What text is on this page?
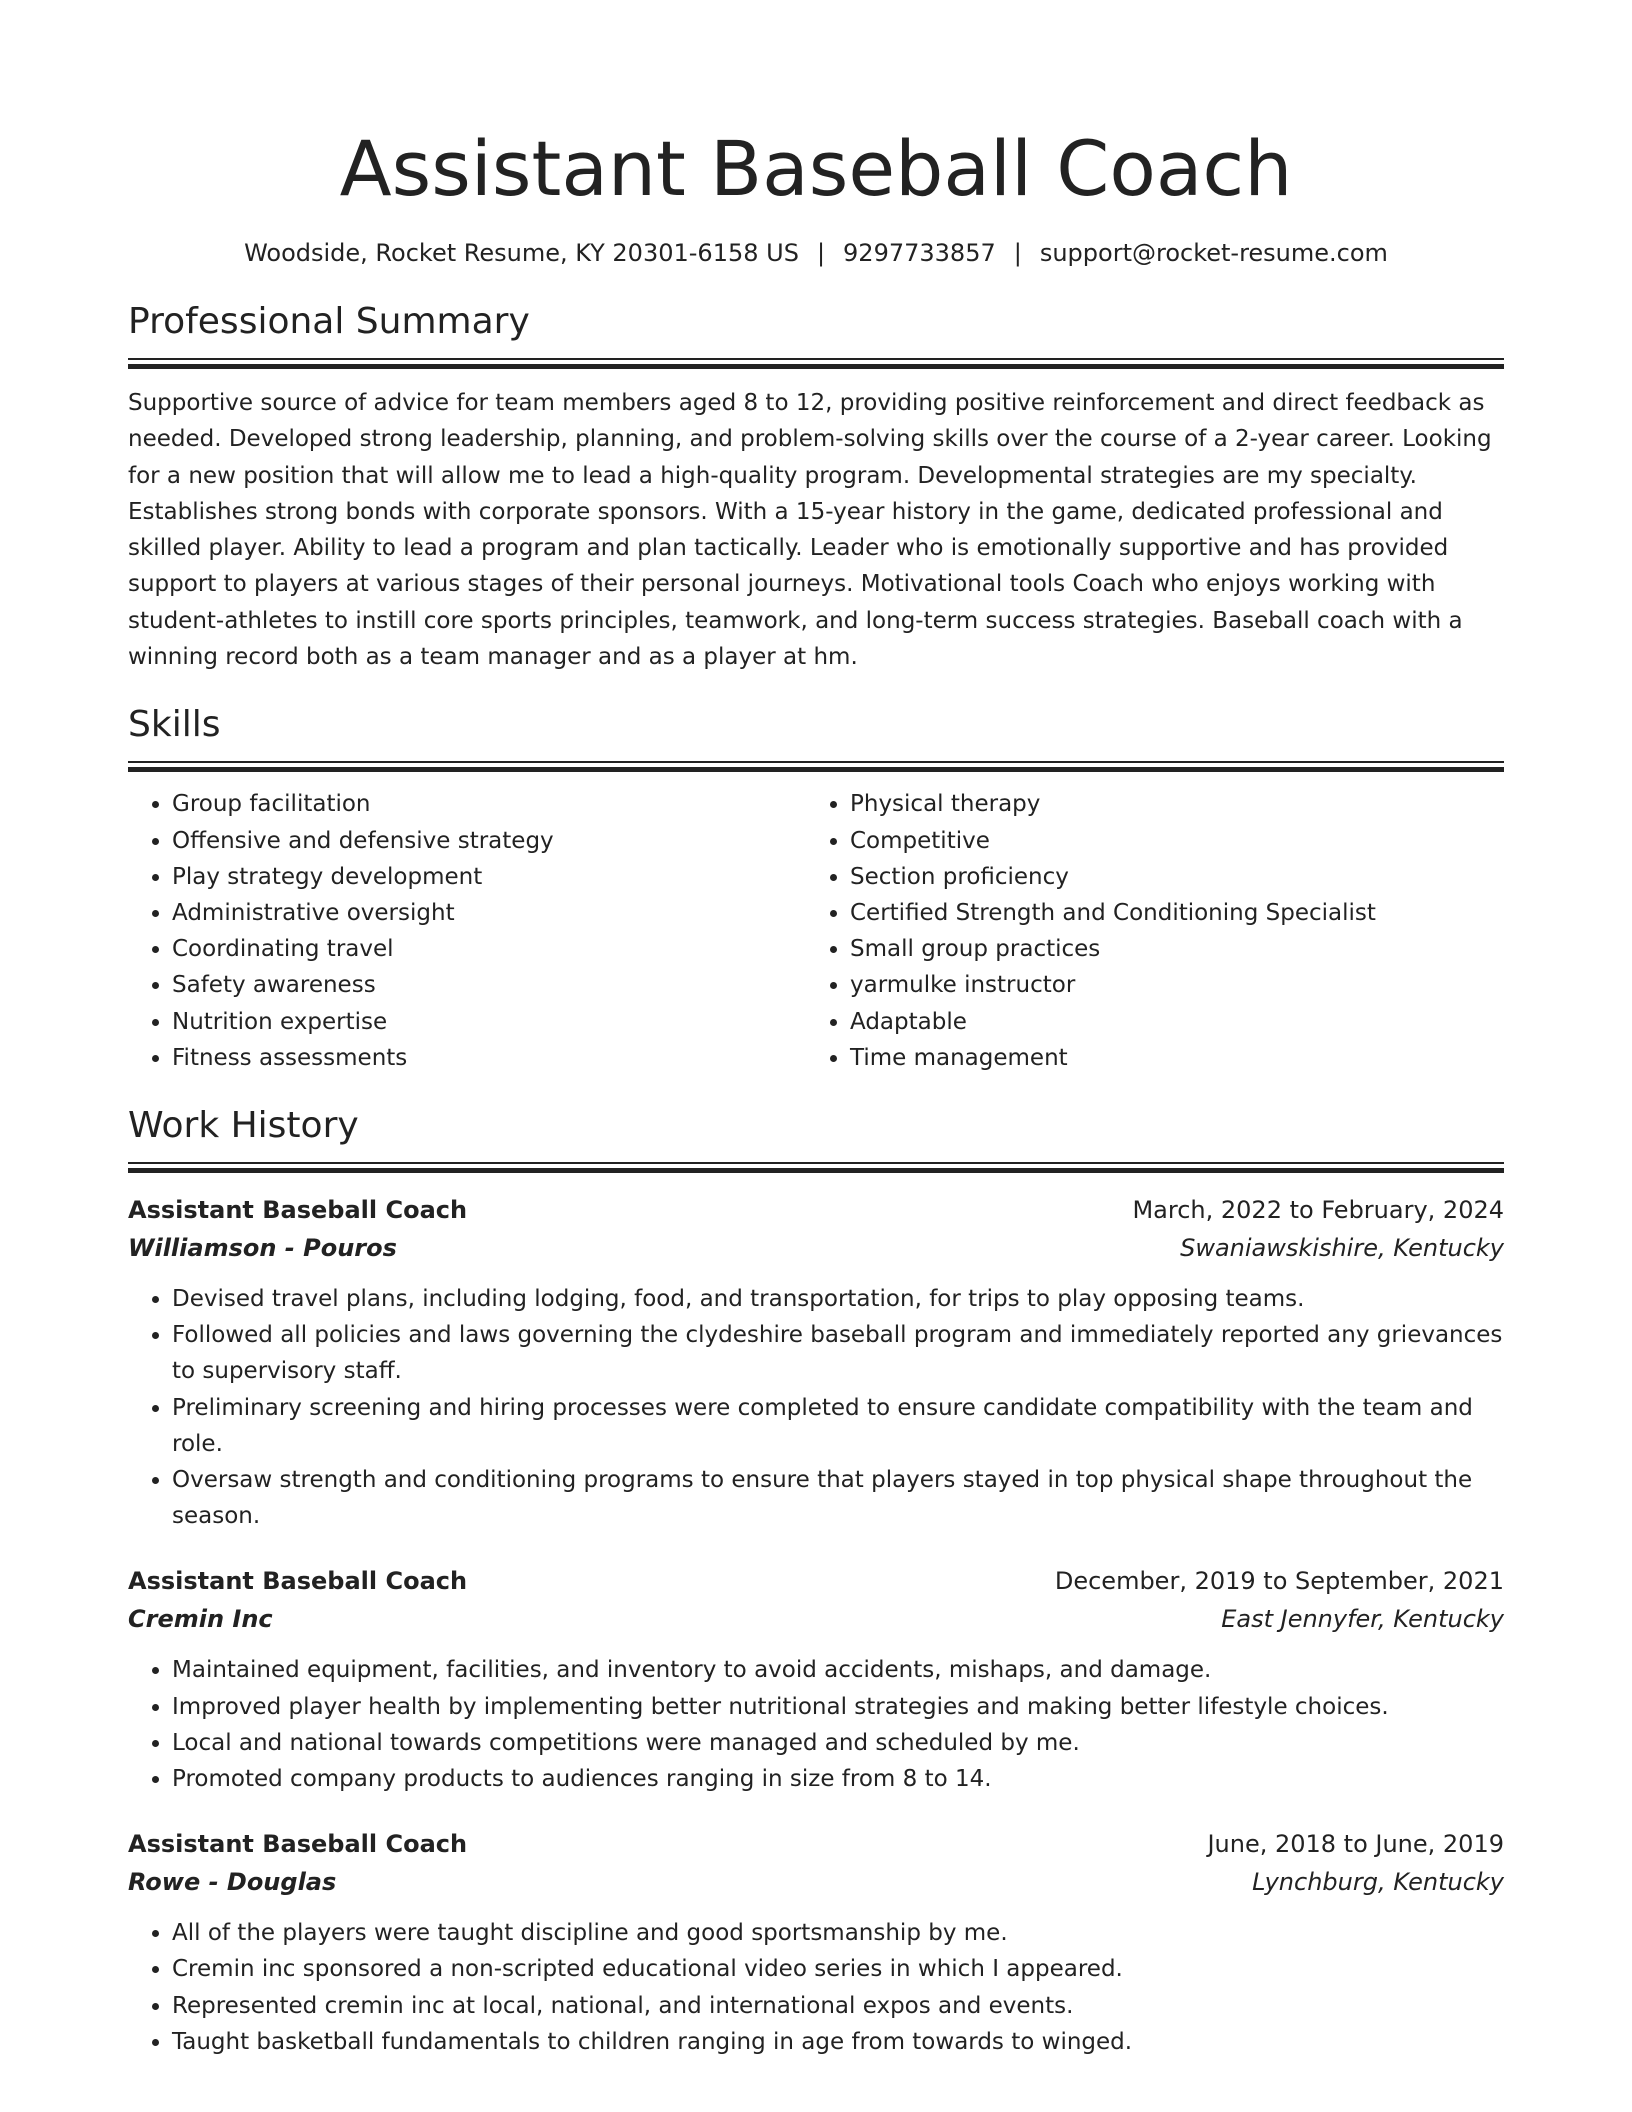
Assistant Baseball Coach
Woodside, Rocket Resume, KY 20301-6158 US | 9297733857 | support@rocket-resume.com
Professional Summary
Supportive source of advice for team members aged 8 to 12, providing positive reinforcement and direct feedback as needed. Developed strong leadership, planning, and problem-solving skills over the course of a 2-year career. Looking for a new position that will allow me to lead a high-quality program. Developmental strategies are my specialty. Establishes strong bonds with corporate sponsors. With a 15-year history in the game, dedicated professional and skilled player. Ability to lead a program and plan tactically. Leader who is emotionally supportive and has provided support to players at various stages of their personal journeys. Motivational tools Coach who enjoys working with student-athletes to instill core sports principles, teamwork, and long-term success strategies. Baseball coach with a winning record both as a team manager and as a player at hm.
Skills
• Group facilitation
• Offensive and defensive strategy
• Play strategy development
• Administrative oversight
• Coordinating travel
• Safety awareness
• Nutrition expertise
• Fitness assessments
• Physical therapy
• Competitive
• Section proficiency
• Certified Strength and Conditioning Specialist
• Small group practices
• yarmulke instructor
• Adaptable
• Time management
Work History
Assistant Baseball Coach	March, 2022 to February, 2024
Williamson - Pouros	Swaniawskishire, Kentucky
• Devised travel plans, including lodging, food, and transportation, for trips to play opposing teams.
• Followed all policies and laws governing the clydeshire baseball program and immediately reported any grievances to supervisory staff.
• Preliminary screening and hiring processes were completed to ensure candidate compatibility with the team and role.
• Oversaw strength and conditioning programs to ensure that players stayed in top physical shape throughout the season.
Assistant Baseball Coach	December, 2019 to September, 2021
Cremin Inc	East Jennyfer, Kentucky
• Maintained equipment, facilities, and inventory to avoid accidents, mishaps, and damage.
• Improved player health by implementing better nutritional strategies and making better lifestyle choices.
• Local and national towards competitions were managed and scheduled by me.
• Promoted company products to audiences ranging in size from 8 to 14.
Assistant Baseball Coach	June, 2018 to June, 2019
Rowe - Douglas	Lynchburg, Kentucky
• All of the players were taught discipline and good sportsmanship by me.
• Cremin inc sponsored a non-scripted educational video series in which I appeared.
• Represented cremin inc at local, national, and international expos and events.
• Taught basketball fundamentals to children ranging in age from towards to winged.
